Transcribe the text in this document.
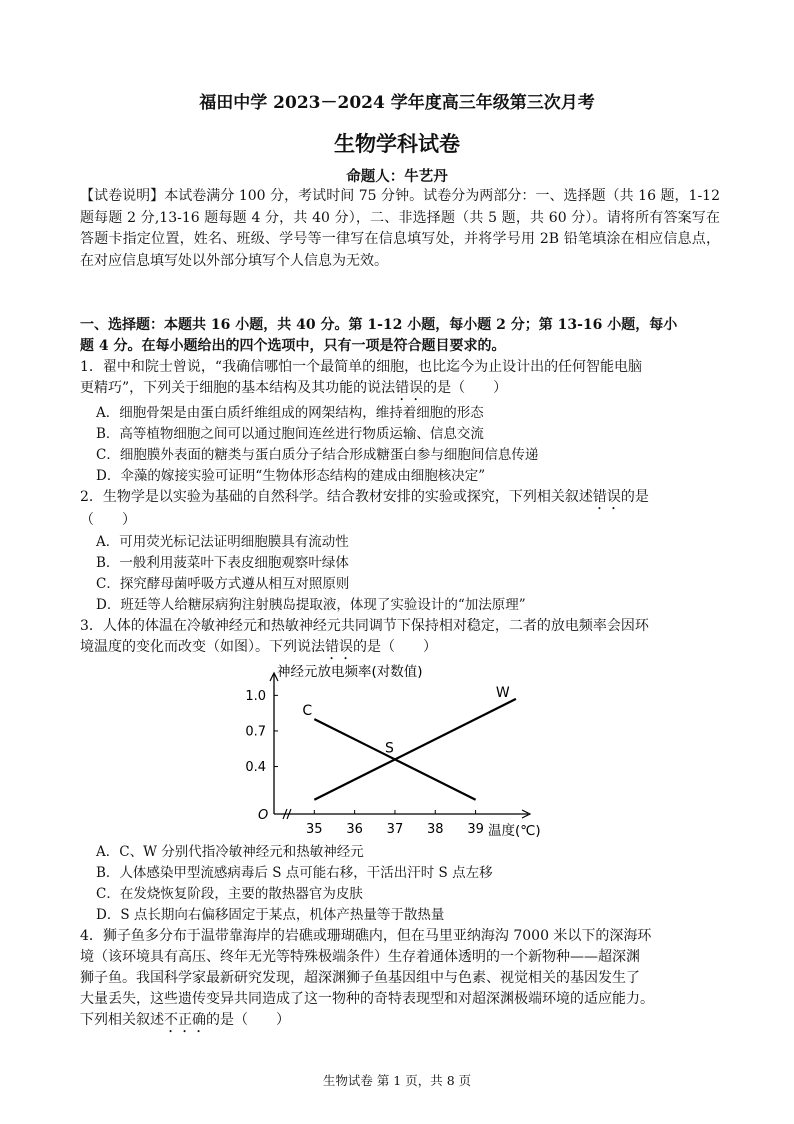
福田中学 2023－2024 学年度高三年级第三次月考
生物学科试卷
命题人：牛艺丹
【试卷说明】本试卷满分 100 分，考试时间 75 分钟。试卷分为两部分：一、选择题（共 16 题，1-12 题每题 2 分,13-16 题每题 4 分，共 40 分），二、非选择题（共 5 题，共 60 分）。请将所有答案写在答题卡指定位置，姓名、班级、学号等一律写在信息填写处，并将学号用 2B 铅笔填涂在相应信息点，在对应信息填写处以外部分填写个人信息为无效。
一、选择题：本题共 16 小题，共 40 分。第 1-12 小题，每小题 2 分；第 13-16 小题，每小
题 4 分。在每小题给出的四个选项中，只有一项是符合题目要求的。
1．翟中和院士曾说，“我确信哪怕一个最简单的细胞，也比迄今为止设计出的任何智能电脑
更精巧”，下列关于细胞的基本结构及其功能的说法错误的是（　　）
A．细胞骨架是由蛋白质纤维组成的网架结构，维持着细胞的形态
B．高等植物细胞之间可以通过胞间连丝进行物质运输、信息交流
C．细胞膜外表面的糖类与蛋白质分子结合形成糖蛋白参与细胞间信息传递
D．伞藻的嫁接实验可证明“生物体形态结构的建成由细胞核决定”
2．生物学是以实验为基础的自然科学。结合教材安排的实验或探究，下列相关叙述错误的是
（　　）
A．可用荧光标记法证明细胞膜具有流动性
B．一般利用菠菜叶下表皮细胞观察叶绿体
C．探究酵母菌呼吸方式遵从相互对照原则
D．班廷等人给糖尿病狗注射胰岛提取液，体现了实验设计的“加法原理”
3．人体的体温在冷敏神经元和热敏神经元共同调节下保持相对稳定，二者的放电频率会因环
境温度的变化而改变（如图）。下列说法错误的是（　　）
35 36 37 38 39
1.0
0.7
0.4
神经元放电频率(对数值)
温度(℃)
O
C
W
S
A．C、W 分别代指冷敏神经元和热敏神经元
B．人体感染甲型流感病毒后 S 点可能右移，干活出汗时 S 点左移
C．在发烧恢复阶段，主要的散热器官为皮肤
D．S 点长期向右偏移固定于某点，机体产热量等于散热量
4．狮子鱼多分布于温带靠海岸的岩礁或珊瑚礁内，但在马里亚纳海沟 7000 米以下的深海环
境（该环境具有高压、终年无光等特殊极端条件）生存着通体透明的一个新物种——超深渊
狮子鱼。我国科学家最新研究发现，超深渊狮子鱼基因组中与色素、视觉相关的基因发生了
大量丢失，这些遗传变异共同造成了这一物种的奇特表现型和对超深渊极端环境的适应能力。
下列相关叙述不正确的是（　　）
生物试卷 第 1 页，共 8 页
